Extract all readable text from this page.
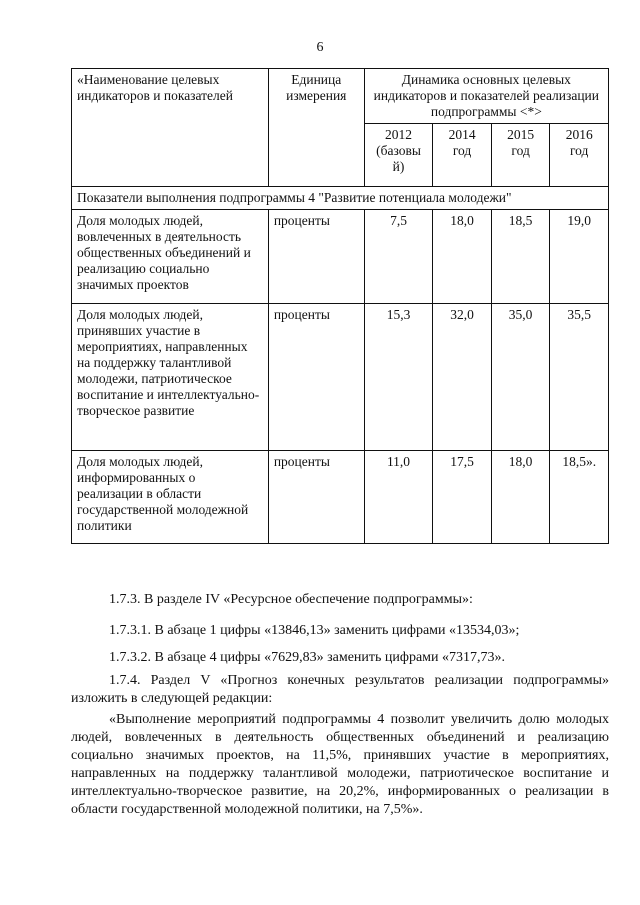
6
«Наименование целевых индикаторов и показателей	Единица измерения	Динамика основных целевых индикаторов и показателей реализации подпрограммы <*>			
		2012 (базовы й)	2014 год	2015 год	2016 год
Показатели выполнения подпрограммы 4 "Развитие потенциала молодежи"					
Доля молодых людей, вовлеченных в деятельность общественных объединений и реализацию социально значимых проектов	проценты	7,5	18,0	18,5	19,0
Доля молодых людей, принявших участие в мероприятиях, направленных на поддержку талантливой молодежи, патриотическое воспитание и интеллектуально-творческое развитие	проценты	15,3	32,0	35,0	35,5
Доля молодых людей, информированных о реализации в области государственной молодежной политики	проценты	11,0	17,5	18,0	18,5».

1.7.3. В разделе IV «Ресурсное обеспечение подпрограммы»:

1.7.3.1. В абзаце 1 цифры «13846,13» заменить цифрами «13534,03»;

1.7.3.2. В абзаце 4 цифры «7629,83» заменить цифрами «7317,73».

1.7.4. Раздел V «Прогноз конечных результатов реализации подпрограммы» изложить в следующей редакции:

«Выполнение мероприятий подпрограммы 4 позволит увеличить долю молодых людей, вовлеченных в деятельность общественных объединений и реализацию социально значимых проектов, на 11,5%, принявших участие в мероприятиях, направленных на поддержку талантливой молодежи, патриотическое воспитание и интеллектуально-творческое развитие, на 20,2%, информированных о реализации в области государственной молодежной политики, на 7,5%».
